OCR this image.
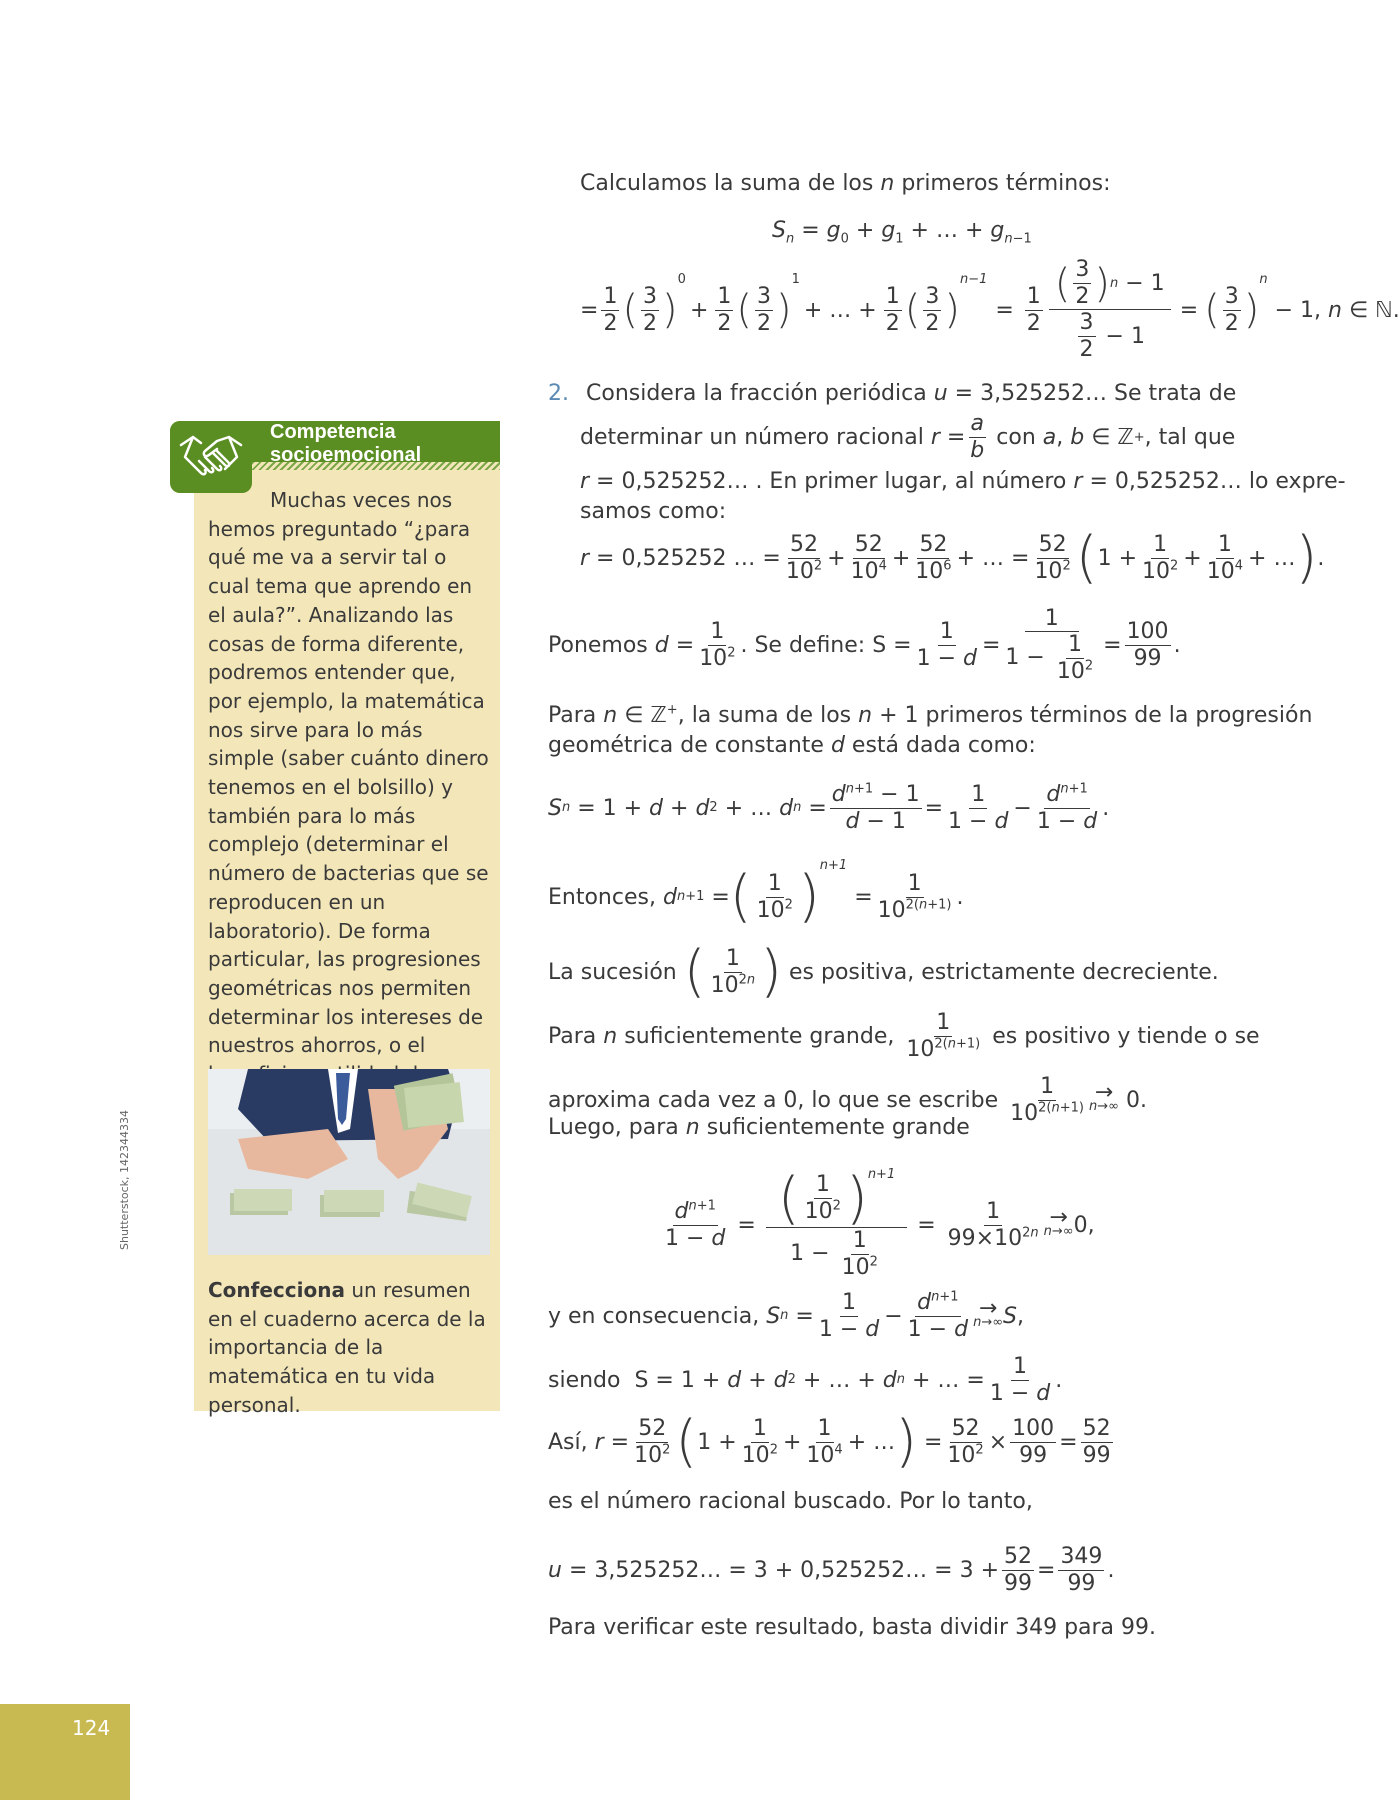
Competencia
socioemocional
Muchas veces nos
hemos preguntado “¿para qué me va a servir tal o cual tema que aprendo en el aula?”. Analizando las cosas de forma diferente, podremos entender que, por ejemplo, la matemática nos sirve para lo más simple (saber cuánto dinero tenemos en el bolsillo) y también para lo más complejo (determinar el número de bacterias que se reproducen en un laboratorio). De forma particular, las progresiones geométricas nos permiten determinar los intereses de nuestros ahorros, o el
Confecciona un resumen en el cuaderno acerca de la importancia de la matemática en tu vida personal.
Shutterstock, 142344334
124
Calculamos la suma de los n primeros términos:
$S_n = g_0 + g_1$ + … + $g_{n-1}$
= $\frac{1}{2}$ ( $\frac{3}{2}$ )
0
+ $\frac{1}{2}$ ( $\frac{3}{2}$ )
1
+ … + $\frac{1}{2}$ ( $\frac{3}{2}$ )
n−1
= $\frac{1}{2} \frac{( \frac{3}{2} ) n - 1}{\frac{3}{2} - 1}$ = ( $\frac{3}{2}$ )
n
− 1, n ∈ ℕ.
2. Considera la fracción periódica u = 3,525252… Se trata de
determinar un número racional
$r = \frac{a}{b}$
con
a , b ∈ ℤ + , tal que
r = 0,525252… . En primer lugar, al número r = 0,525252… lo expre-
samos como:
r = 0,525252 … = $\frac{52}{10^2} + \frac{52}{10^4} + \frac{52}{10^6}$ + … = $\frac{52}{10^2}$ ( $1 + \frac{1}{10^2} + \frac{1}{10^4}$ + … ) .
Ponemos
$d = \frac{1}{10^2}$ . Se define: $S = \frac{1}{1 - d} = \frac{1}{1 - \frac{1}{10^2}} = \frac{100}{99}$ .
Para n ∈ ℤ+, la suma de los n + 1 primeros términos de la progresión
geométrica de constante d está dada como:
S n = 1 + d + d 2 + … d $n = \frac{d^{n+1} - 1}{d - 1} = \frac{1}{1 - d} - \frac{d^{n+1}}{1 - d}$ .
Entonces,
d n +1 = ( $\frac{1}{10^2}$ ) n+1
= $\frac{1}{10^{2(n+1)}}$ .
La sucesión
( $\frac{1}{10^{2n}}$ )
es positiva, estrictamente decreciente.
Para
n
suficientemente grande,
$\frac{1}{10^{2(n+1)}}$
es positivo y tiende o se
aproxima cada vez a 0, lo que se escribe
$\frac{1}{10^{2(n+1)}}$ →
n→∞ 0.
Luego, para n suficientemente grande
$\frac{d^{n+1}}{1 - d} = \frac{( \frac{1}{10^2} ) n+1}{1 - \frac{1}{10^2}} = \frac{1}{99\times 10^{2n}}$ →
n→∞ 0,
y en consecuencia,
S $n = \frac{1}{1 - d} - \frac{d^{n+1}}{1 - d}$ →
n→∞ S ,
siendo S = 1 + d + d 2 + … + d n + … = $\frac{1}{1 - d}$ .
Así,
$r = \frac{52}{10^2}$ ( $1 + \frac{1}{10^2} + \frac{1}{10^4}$ + … ) = $\frac{52}{10^2} \times \frac{100}{99} = \frac{52}{99}$
es el número racional buscado. Por lo tanto,
u = 3,525252… = 3 + 0,525252… = $3 + \frac{52}{99} = \frac{349}{99}$ .
Para verificar este resultado, basta dividir 349 para 99.
